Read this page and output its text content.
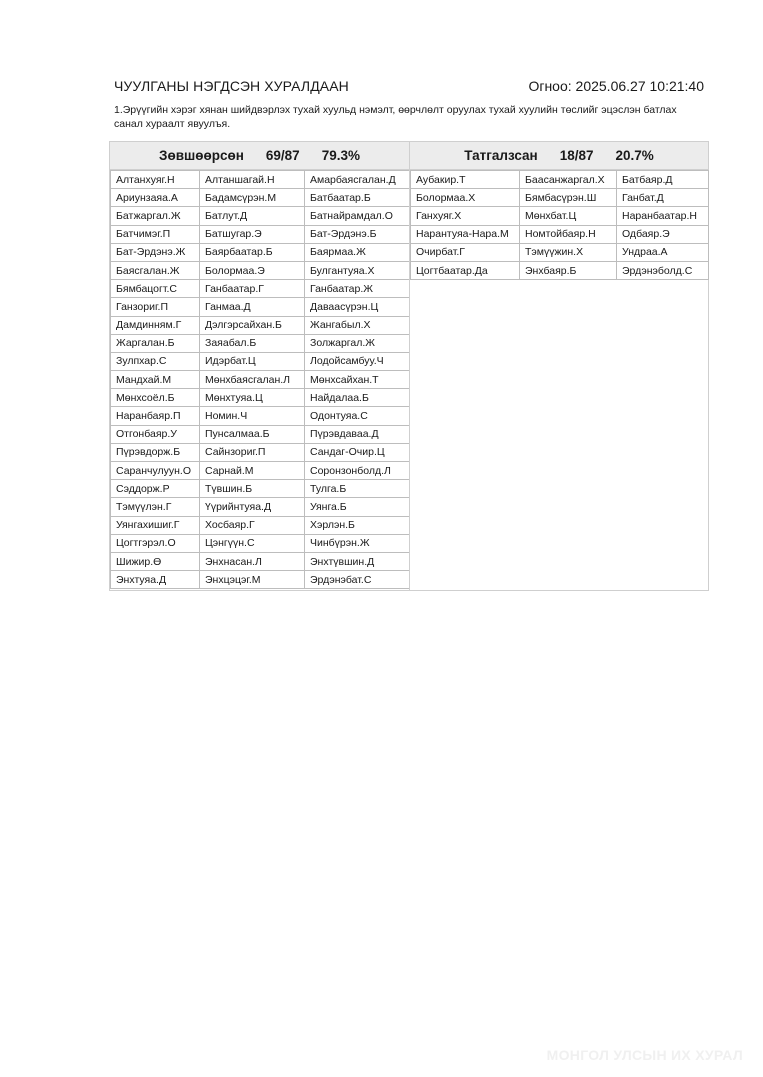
ЧУУЛГАНЫ НЭГДСЭН ХУРАЛДААН	Огноо: 2025.06.27 10:21:40
1.Эрүүгийн хэрэг хянан шийдвэрлэх тухай хуульд нэмэлт, өөрчлөлт оруулах тухай хуулийн төслийг эцэслэн батлах санал хураалт явуулъя.
Зөвшөөрсөн 69/87 79.3%
Алтанхуяг.Н	Алтаншагай.Н	Амарбаясгалан.Д
Ариунзаяа.А	Бадамсүрэн.М	Батбаатар.Б
Батжаргал.Ж	Батлут.Д	Батнайрамдал.О
Батчимэг.П	Батшугар.Э	Бат-Эрдэнэ.Б
Бат-Эрдэнэ.Ж	Баярбаатар.Б	Баярмаа.Ж
Баясгалан.Ж	Болормаа.Э	Булгантуяа.Х
Бямбацогт.С	Ганбаатар.Г	Ганбаатар.Ж
Ганзориг.П	Ганмаа.Д	Даваасүрэн.Ц
Дамдинням.Г	Дэлгэрсайхан.Б	Жангабыл.Х
Жаргалан.Б	Заяабал.Б	Золжаргал.Ж
Зулпхар.С	Идэрбат.Ц	Лодойсамбуу.Ч
Мандхай.М	Мөнхбаясгалан.Л	Мөнхсайхан.Т
Мөнхсоёл.Б	Мөнхтуяа.Ц	Найдалаа.Б
Наранбаяр.П	Номин.Ч	Одонтуяа.С
Отгонбаяр.У	Пунсалмаа.Б	Пүрэвдаваа.Д
Пүрэвдорж.Б	Сайнзориг.П	Сандаг-Очир.Ц
Саранчулуун.О	Сарнай.М	Соронзонболд.Л
Сэддорж.Р	Түвшин.Б	Тулга.Б
Тэмүүлэн.Г	Үүрийнтуяа.Д	Уянга.Б
Уянгахишиг.Г	Хосбаяр.Г	Хэрлэн.Б
Цогтгэрэл.О	Цэнгүүн.С	Чинбүрэн.Ж
Шижир.Ө	Энхнасан.Л	Энхтүвшин.Д
Энхтуяа.Д	Энхцэцэг.М	Эрдэнэбат.С
Татгалзсан 18/87 20.7%
Аубакир.Т	Баасанжаргал.Х	Батбаяр.Д
Болормаа.Х	Бямбасүрэн.Ш	Ганбат.Д
Ганхуяг.Х	Мөнхбат.Ц	Наранбаатар.Н
Нарантуяа-Нара.М	Номтойбаяр.Н	Одбаяр.Э
Очирбат.Г	Тэмүүжин.Х	Ундраа.А
Цогтбаатар.Да	Энхбаяр.Б	Эрдэнэболд.С
МОНГОЛ УЛСЫН ИХ ХУРАЛ
